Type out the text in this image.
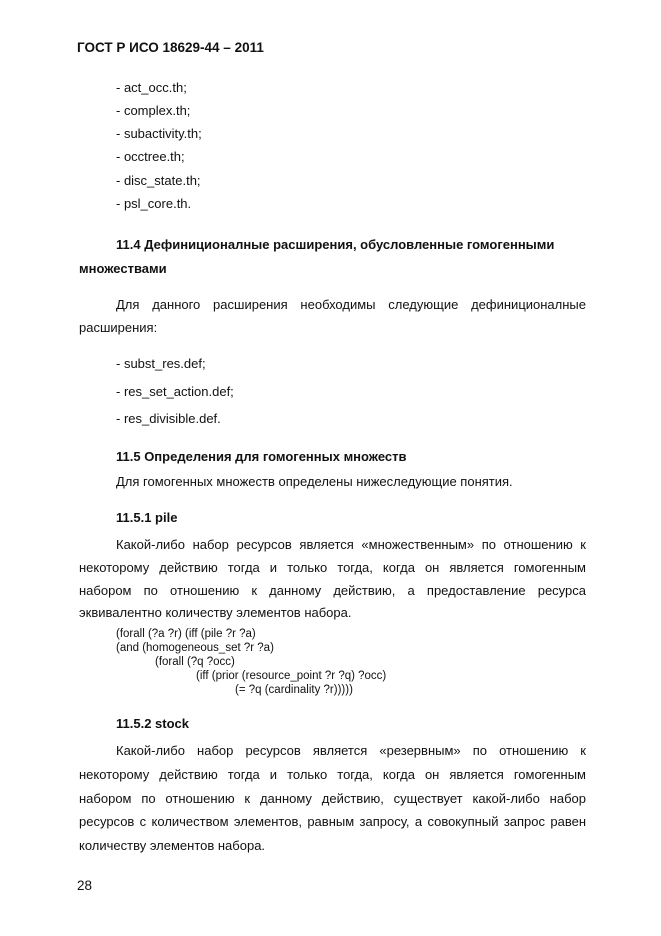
ГОСТ Р ИСО 18629-44 – 2011
- act_occ.th;
- complex.th;
- subactivity.th;
- occtree.th;
- disc_state.th;
- psl_core.th.
11.4 Дефиниционалные расширения, обусловленные гомогенными
множествами
Для данного расширения необходимы следующие дефиниционалные
расширения:
- subst_res.def;
- res_set_action.def;
- res_divisible.def.
11.5 Определения для гомогенных множеств
Для гомогенных множеств определены нижеследующие понятия.
11.5.1 pile
Какой-либо набор ресурсов является «множественным» по отношению к
некоторому действию тогда и только тогда, когда он является гомогенным
набором по отношению к данному действию, а предоставление ресурса
эквивалентно количеству элементов набора.
(forall (?a ?r) (iff (pile ?r ?a)
(and (homogeneous_set ?r ?a)
(forall (?q ?occ)
(iff (prior (resource_point ?r ?q) ?occ)
(= ?q (cardinality ?r)))))
11.5.2 stock
Какой-либо набор ресурсов является «резервным» по отношению к
некоторому действию тогда и только тогда, когда он является гомогенным
набором по отношению к данному действию, существует какой-либо набор
ресурсов с количеством элементов, равным запросу, а совокупный запрос равен
количеству элементов набора.
28
